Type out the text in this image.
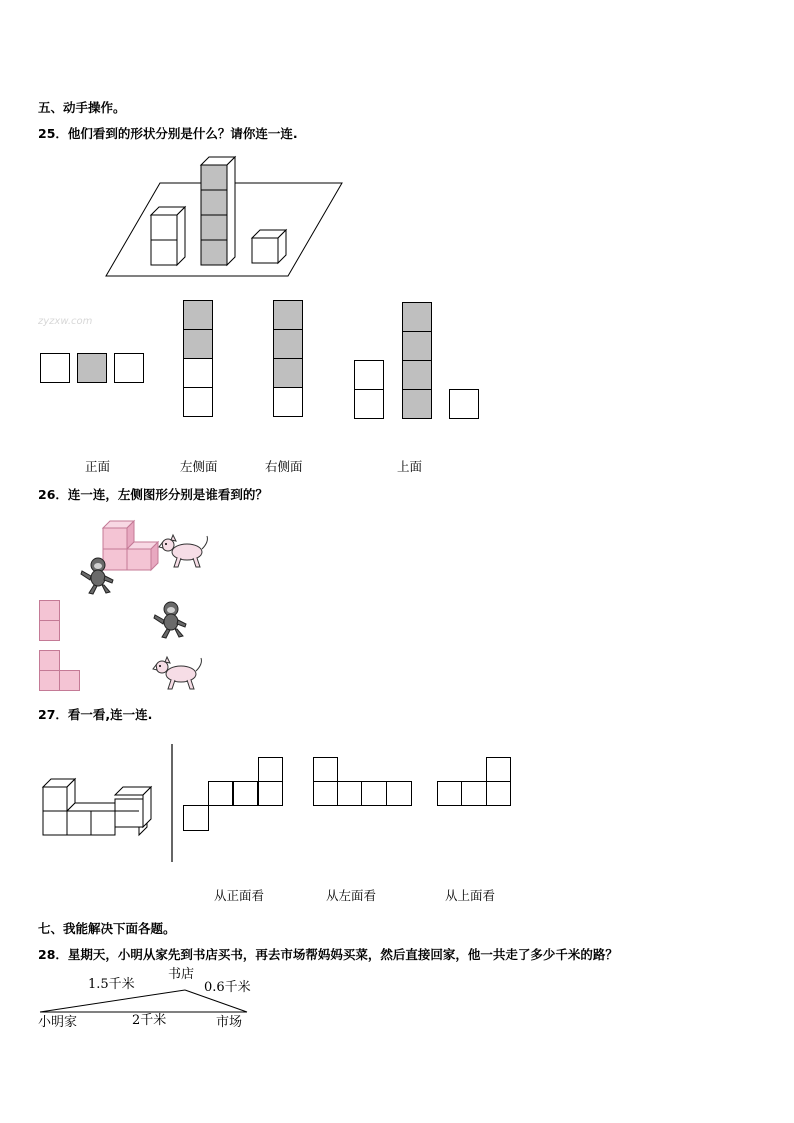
五、动手操作。
25．他们看到的形状分别是什么？请你连一连.
zyzxw.com
正面	左侧面	右侧面	上面
26．连一连，左侧图形分别是谁看到的？
27．看一看,连一连.
从正面看	从左面看	从上面看
七、我能解决下面各题。
28．星期天，小明从家先到书店买书，再去市场帮妈妈买菜，然后直接回家，他一共走了多少千米的路？
书店
1.5千米	0.6千米
小明家	2千米	市场
